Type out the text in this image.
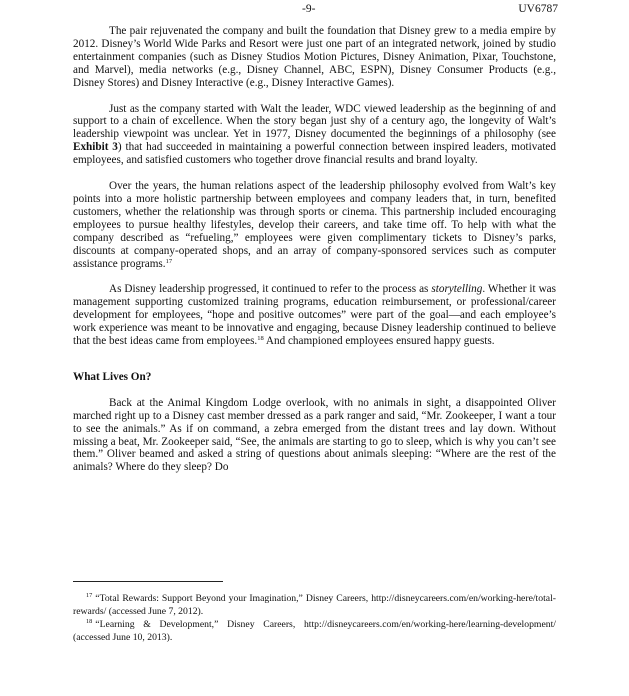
-9-	UV6787

The pair rejuvenated the company and built the foundation that Disney grew to a media empire by 2012. Disney’s World Wide Parks and Resort were just one part of an integrated network, joined by studio entertainment companies (such as Disney Studios Motion Pictures, Disney Animation, Pixar, Touchstone, and Marvel), media networks (e.g., Disney Channel, ABC, ESPN), Disney Consumer Products (e.g., Disney Stores) and Disney Interactive (e.g., Disney Interactive Games).

Just as the company started with Walt the leader, WDC viewed leadership as the beginning of and support to a chain of excellence. When the story began just shy of a century ago, the longevity of Walt’s leadership viewpoint was unclear. Yet in 1977, Disney documented the beginnings of a philosophy (see Exhibit 3) that had succeeded in maintaining a powerful connection between inspired leaders, motivated employees, and satisfied customers who together drove financial results and brand loyalty.

Over the years, the human relations aspect of the leadership philosophy evolved from Walt’s key points into a more holistic partnership between employees and company leaders that, in turn, benefited customers, whether the relationship was through sports or cinema. This partnership included encouraging employees to pursue healthy lifestyles, develop their careers, and take time off. To help with what the company described as “refueling,” employees were given complimentary tickets to Disney’s parks, discounts at company-operated shops, and an array of company-sponsored services such as computer assistance programs.$^{17}$

As Disney leadership progressed, it continued to refer to the process as storytelling. Whether it was management supporting customized training programs, education reimbursement, or professional/career development for employees, “hope and positive outcomes” were part of the goal—and each employee’s work experience was meant to be innovative and engaging, because Disney leadership continued to believe that the best ideas came from employees.$^{18}$ And championed employees ensured happy guests.

What Lives On?

Back at the Animal Kingdom Lodge overlook, with no animals in sight, a disappointed Oliver marched right up to a Disney cast member dressed as a park ranger and said, “Mr. Zookeeper, I want a tour to see the animals.” As if on command, a zebra emerged from the distant trees and lay down. Without missing a beat, Mr. Zookeeper said, “See, the animals are starting to go to sleep, which is why you can’t see them.” Oliver beamed and asked a string of questions about animals sleeping: “Where are the rest of the animals? Where do they sleep? Do

$^{17}$ “Total Rewards: Support Beyond your Imagination,” Disney Careers, http://disneycareers.com/en/working-here/total-rewards/ (accessed June 7, 2012).

$^{18}$ “Learning & Development,” Disney Careers, http://disneycareers.com/en/working-here/learning-development/ (accessed June 10, 2013).
